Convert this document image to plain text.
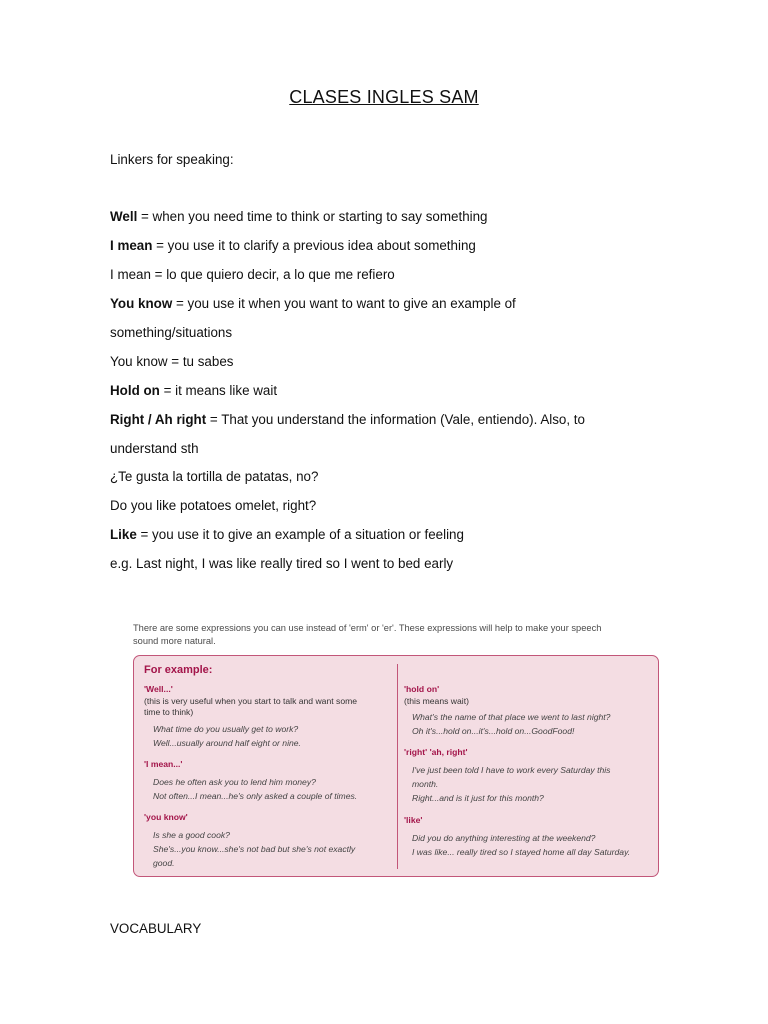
CLASES INGLES SAM
Linkers for speaking:
Well = when you need time to think or starting to say something
I mean = you use it to clarify a previous idea about something
I mean = lo que quiero decir, a lo que me refiero
You know = you use it when you want to want to give an example of
something/situations
You know = tu sabes
Hold on = it means like wait
Right / Ah right = That you understand the information (Vale, entiendo). Also, to
understand sth
¿Te gusta la tortilla de patatas, no?
Do you like potatoes omelet, right?
Like = you use it to give an example of a situation or feeling
e.g. Last night, I was like really tired so I went to bed early
There are some expressions you can use instead of 'erm' or 'er'. These expressions will help to make your speech
sound more natural.
For example:
'Well...'
(this is very useful when you start to talk and want some
time to think)
What time do you usually get to work?
Well...usually around half eight or nine.
'I mean...'
Does he often ask you to lend him money?
Not often...I mean...he's only asked a couple of times.
'you know'
Is she a good cook?
She's...you know...she's not bad but she's not exactly
good.
'hold on'
(this means wait)
What's the name of that place we went to last night?
Oh it's...hold on...it's...hold on...GoodFood!
'right' 'ah, right'
I've just been told I have to work every Saturday this
month.
Right...and is it just for this month?
'like'
Did you do anything interesting at the weekend?
I was like... really tired so I stayed home all day Saturday.
VOCABULARY
